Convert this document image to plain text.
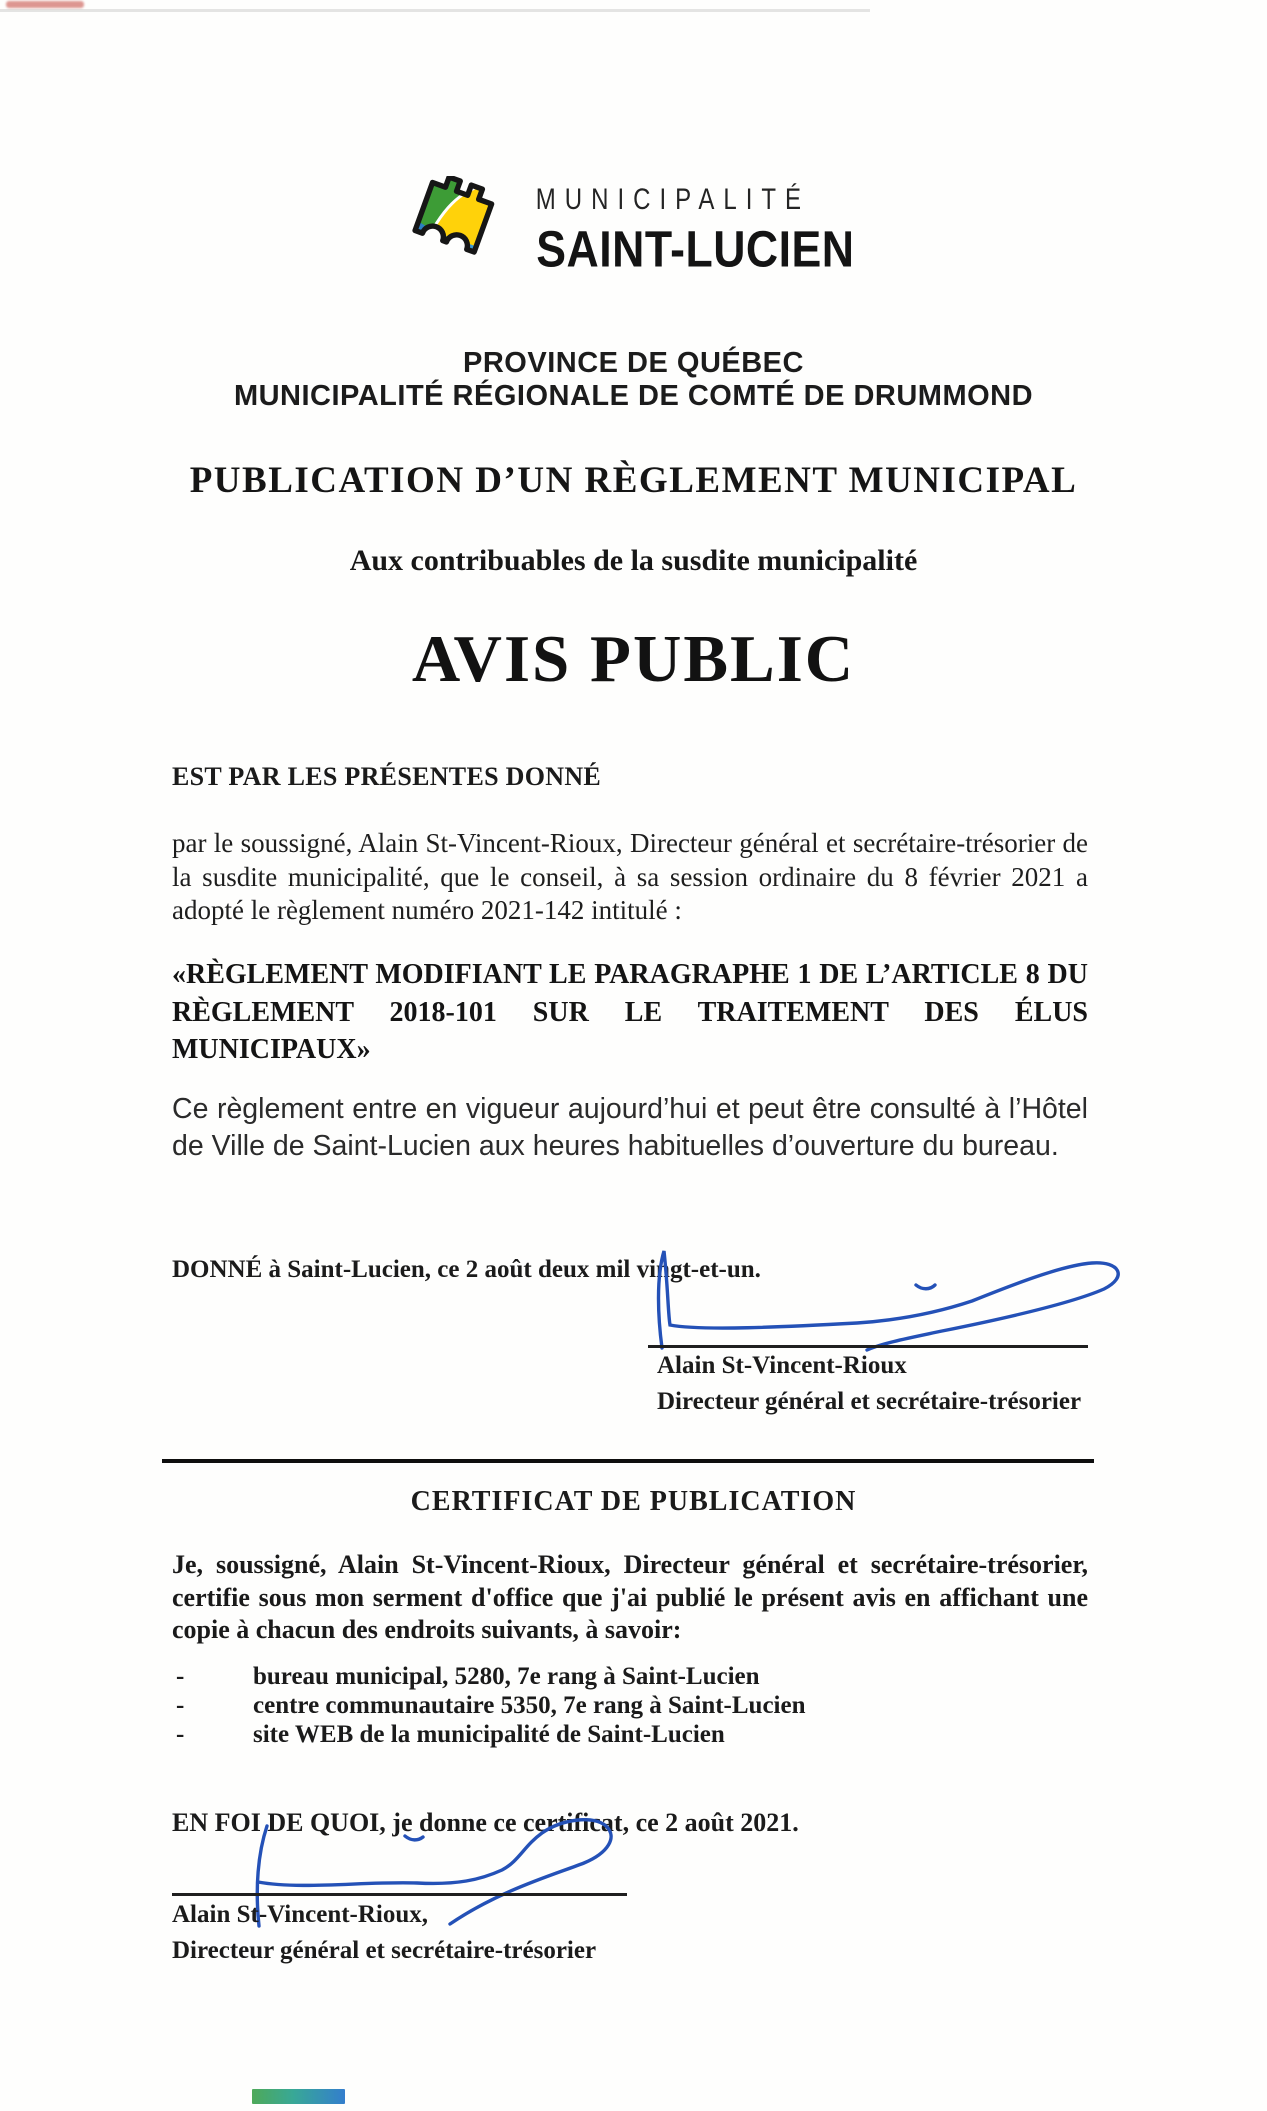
MUNICIPALITÉ
SAINT-LUCIEN
PROVINCE DE QUÉBEC
MUNICIPALITÉ RÉGIONALE DE COMTÉ DE DRUMMOND
PUBLICATION D’UN RÈGLEMENT MUNICIPAL
Aux contribuables de la susdite municipalité
AVIS PUBLIC
EST PAR LES PRÉSENTES DONNÉ
par le soussigné, Alain St-Vincent-Rioux, Directeur général et secrétaire-trésorier de la susdite municipalité, que le conseil, à sa session ordinaire du 8 février 2021 a adopté le règlement numéro 2021-142 intitulé :
«RÈGLEMENT MODIFIANT LE PARAGRAPHE 1 DE L’ARTICLE 8 DU RÈGLEMENT 2018-101 SUR LE TRAITEMENT DES ÉLUS MUNICIPAUX»
Ce règlement entre en vigueur aujourd’hui et peut être consulté à l’Hôtel de Ville de Saint-Lucien aux heures habituelles d’ouverture du bureau.
DONNÉ à Saint-Lucien, ce 2 août deux mil vingt-et-un.
Alain St-Vincent-Rioux
Directeur général et secrétaire-trésorier
CERTIFICAT DE PUBLICATION
Je, soussigné, Alain St-Vincent-Rioux, Directeur général et secrétaire-trésorier, certifie sous mon serment d'office que j'ai publié le présent avis en affichant une copie à chacun des endroits suivants, à savoir:
-	bureau municipal, 5280, 7e rang à Saint-Lucien
-	centre communautaire 5350, 7e rang à Saint-Lucien
-	site WEB de la municipalité de Saint-Lucien
EN FOI DE QUOI, je donne ce certificat, ce 2 août 2021.
Alain St-Vincent-Rioux,
Directeur général et secrétaire-trésorier
